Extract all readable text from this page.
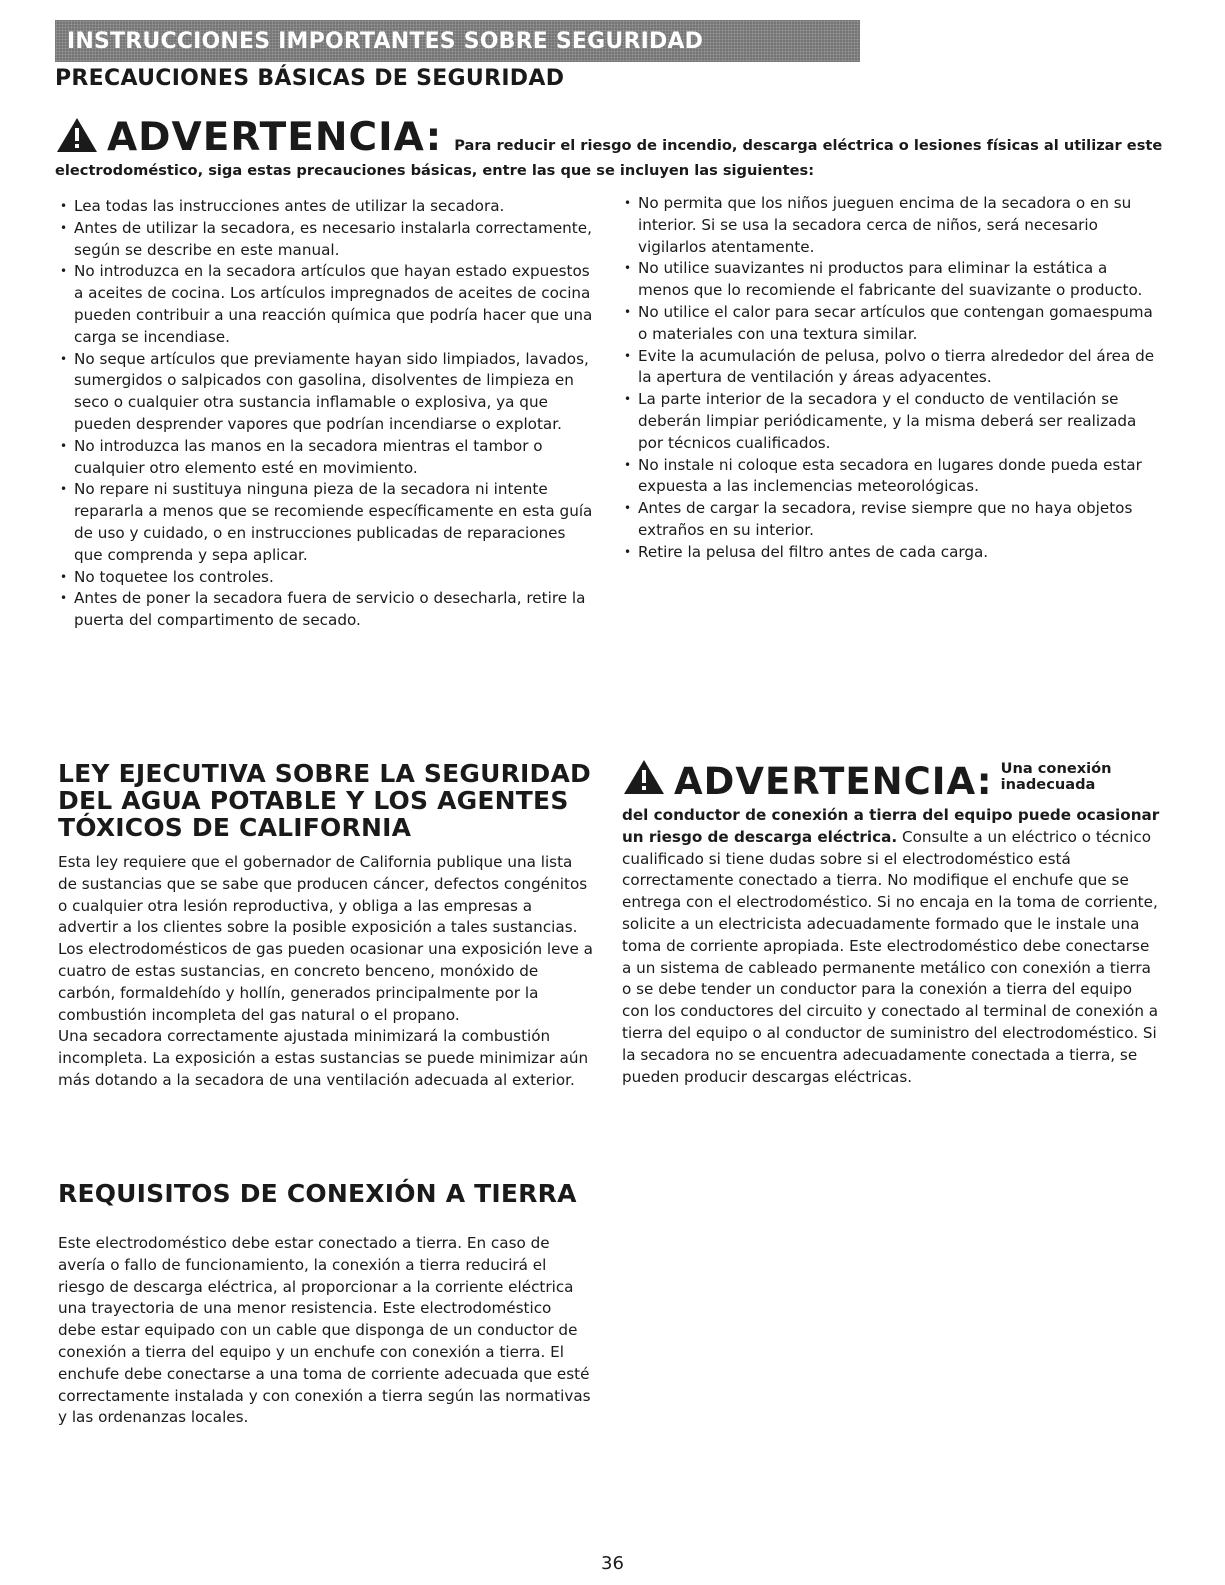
INSTRUCCIONES IMPORTANTES SOBRE SEGURIDAD
PRECAUCIONES BÁSICAS DE SEGURIDAD
ADVERTENCIA: Para reducir el riesgo de incendio, descarga eléctrica o lesiones físicas al utilizar este
electrodoméstico, siga estas precauciones básicas, entre las que se incluyen las siguientes:
• Lea todas las instrucciones antes de utilizar la secadora.
• Antes de utilizar la secadora, es necesario instalarla correctamente, según se describe en este manual.
• No introduzca en la secadora artículos que hayan estado expuestos a aceites de cocina. Los artículos impregnados de aceites de cocina pueden contribuir a una reacción química que podría hacer que una carga se incendiase.
• No seque artículos que previamente hayan sido limpiados, lavados, sumergidos o salpicados con gasolina, disolventes de limpieza en seco o cualquier otra sustancia inflamable o explosiva, ya que pueden desprender vapores que podrían incendiarse o explotar.
• No introduzca las manos en la secadora mientras el tambor o cualquier otro elemento esté en movimiento.
• No repare ni sustituya ninguna pieza de la secadora ni intente repararla a menos que se recomiende específicamente en esta guía de uso y cuidado, o en instrucciones publicadas de reparaciones que comprenda y sepa aplicar.
• No toquetee los controles.
• Antes de poner la secadora fuera de servicio o desecharla, retire la puerta del compartimento de secado.
• No permita que los niños jueguen encima de la secadora o en su interior. Si se usa la secadora cerca de niños, será necesario vigilarlos atentamente.
• No utilice suavizantes ni productos para eliminar la estática a menos que lo recomiende el fabricante del suavizante o producto.
• No utilice el calor para secar artículos que contengan gomaespuma o materiales con una textura similar.
• Evite la acumulación de pelusa, polvo o tierra alrededor del área de la apertura de ventilación y áreas adyacentes.
• La parte interior de la secadora y el conducto de ventilación se deberán limpiar periódicamente, y la misma deberá ser realizada por técnicos cualificados.
• No instale ni coloque esta secadora en lugares donde pueda estar expuesta a las inclemencias meteorológicas.
• Antes de cargar la secadora, revise siempre que no haya objetos extraños en su interior.
• Retire la pelusa del filtro antes de cada carga.
LEY EJECUTIVA SOBRE LA SEGURIDAD DEL AGUA POTABLE Y LOS AGENTES TÓXICOS DE CALIFORNIA
Esta ley requiere que el gobernador de California publique una lista de sustancias que se sabe que producen cáncer, defectos congénitos o cualquier otra lesión reproductiva, y obliga a las empresas a advertir a los clientes sobre la posible exposición a tales sustancias. Los electrodomésticos de gas pueden ocasionar una exposición leve a cuatro de estas sustancias, en concreto benceno, monóxido de carbón, formaldehído y hollín, generados principalmente por la combustión incompleta del gas natural o el propano.
Una secadora correctamente ajustada minimizará la combustión incompleta. La exposición a estas sustancias se puede minimizar aún más dotando a la secadora de una ventilación adecuada al exterior.
REQUISITOS DE CONEXIÓN A TIERRA
Este electrodoméstico debe estar conectado a tierra. En caso de avería o fallo de funcionamiento, la conexión a tierra reducirá el riesgo de descarga eléctrica, al proporcionar a la corriente eléctrica una trayectoria de una menor resistencia. Este electrodoméstico debe estar equipado con un cable que disponga de un conductor de conexión a tierra del equipo y un enchufe con conexión a tierra. El enchufe debe conectarse a una toma de corriente adecuada que esté correctamente instalada y con conexión a tierra según las normativas y las ordenanzas locales.
ADVERTENCIA: Una conexión
inadecuada
del conductor de conexión a tierra del equipo puede ocasionar un riesgo de descarga eléctrica. Consulte a un eléctrico o técnico cualificado si tiene dudas sobre si el electrodoméstico está correctamente conectado a tierra. No modifique el enchufe que se entrega con el electrodoméstico. Si no encaja en la toma de corriente, solicite a un electricista adecuadamente formado que le instale una toma de corriente apropiada. Este electrodoméstico debe conectarse a un sistema de cableado permanente metálico con conexión a tierra o se debe tender un conductor para la conexión a tierra del equipo con los conductores del circuito y conectado al terminal de conexión a tierra del equipo o al conductor de suministro del electrodoméstico. Si la secadora no se encuentra adecuadamente conectada a tierra, se pueden producir descargas eléctricas.
36
